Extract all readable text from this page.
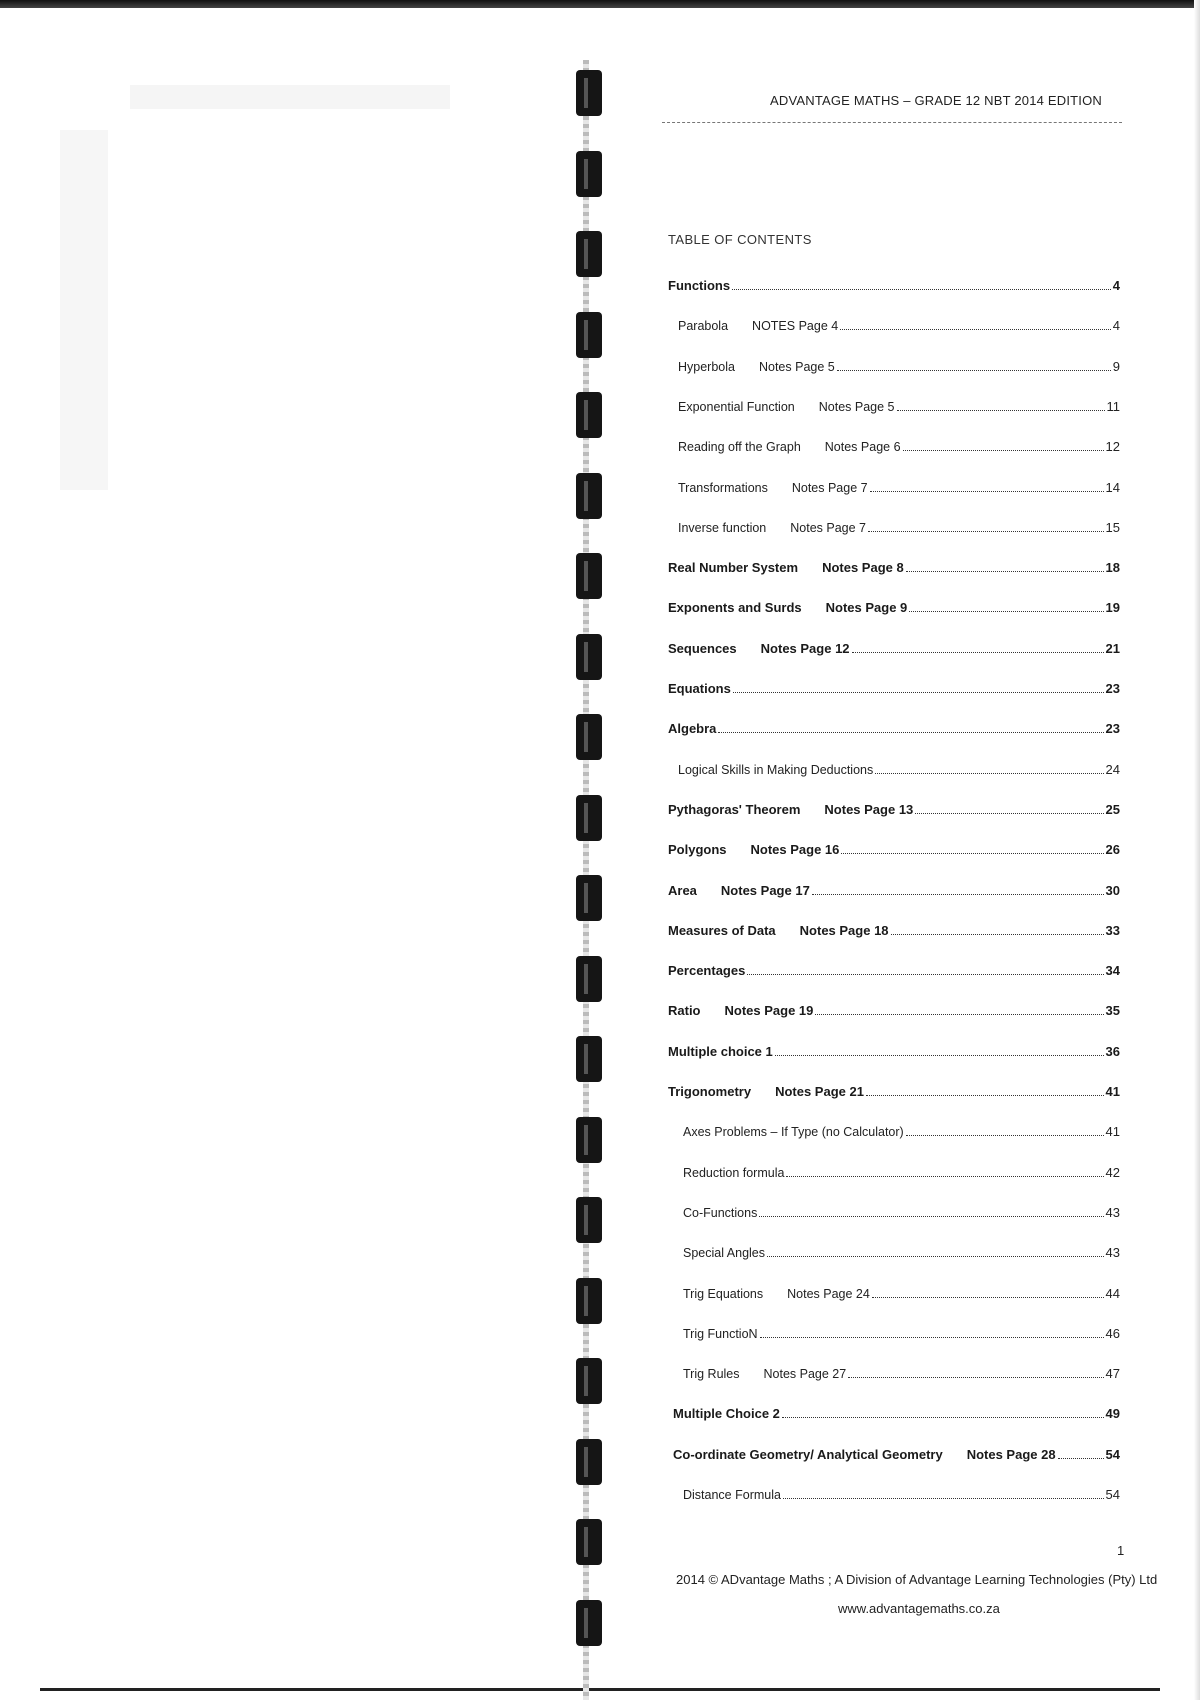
ADVANTAGE MATHS – GRADE 12 NBT 2014 EDITION
TABLE OF CONTENTS
Functions	4
Parabola NOTES Page 4	4
Hyperbola Notes Page 5	9
Exponential Function Notes Page 5	11
Reading off the Graph Notes Page 6	12
Transformations Notes Page 7	14
Inverse function Notes Page 7	15
Real Number System Notes Page 8	18
Exponents and Surds Notes Page 9	19
Sequences Notes Page 12	21
Equations	23
Algebra	23
Logical Skills in Making Deductions	24
Pythagoras' Theorem Notes Page 13	25
Polygons Notes Page 16	26
Area Notes Page 17	30
Measures of Data Notes Page 18	33
Percentages	34
Ratio Notes Page 19	35
Multiple choice 1	36
Trigonometry Notes Page 21	41
Axes Problems – If Type (no Calculator)	41
Reduction formula	42
Co-Functions	43
Special Angles	43
Trig Equations Notes Page 24	44
Trig FunctioN	46
Trig Rules Notes Page 27	47
Multiple Choice 2	49
Co-ordinate Geometry/ Analytical Geometry Notes Page 28	54
Distance Formula	54
1
2014 © ADvantage Maths ; A Division of Advantage Learning Technologies (Pty) Ltd
www.advantagemaths.co.za
